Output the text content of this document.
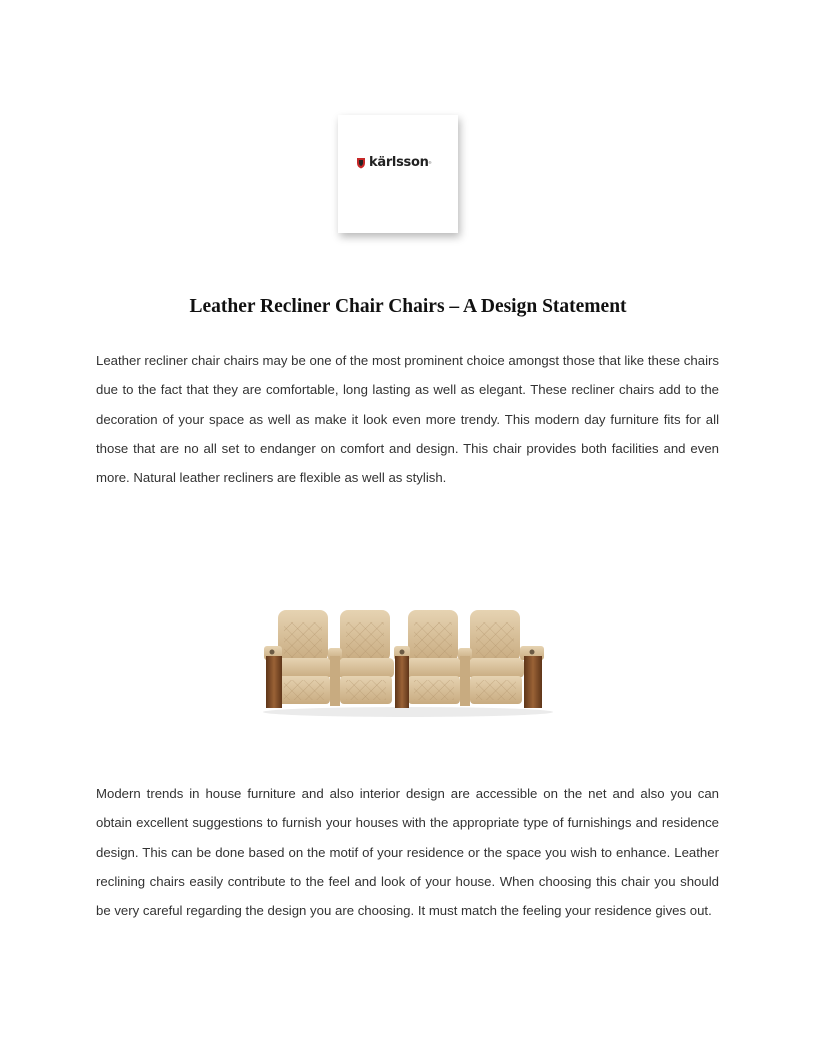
kärlsson ®
Leather Recliner Chair Chairs – A Design Statement

Leather recliner chair chairs may be one of the most prominent choice amongst those that like these chairs due to the fact that they are comfortable, long lasting as well as elegant. These recliner chairs add to the decoration of your space as well as make it look even more trendy. This modern day furniture fits for all those that are no all set to endanger on comfort and design. This chair provides both facilities and even more. Natural leather recliners are flexible as well as stylish.

Modern trends in house furniture and also interior design are accessible on the net and also you can obtain excellent suggestions to furnish your houses with the appropriate type of furnishings and residence design. This can be done based on the motif of your residence or the space you wish to enhance. Leather reclining chairs easily contribute to the feel and look of your house. When choosing this chair you should be very careful regarding the design you are choosing. It must match the feeling your residence gives out.
